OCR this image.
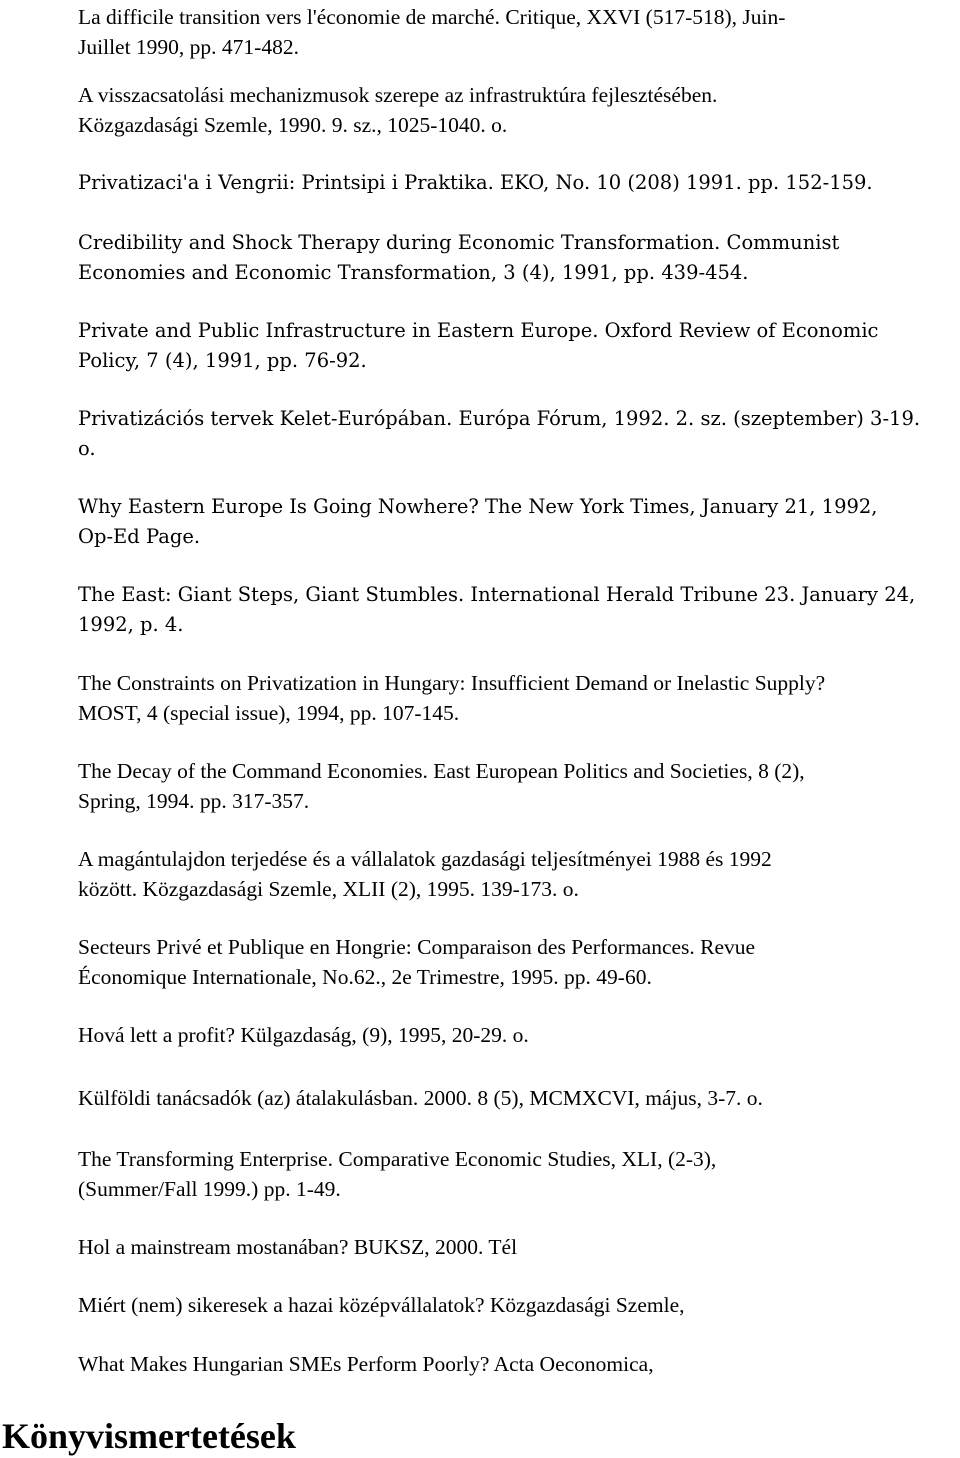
La difficile transition vers l'économie de marché. Critique, XXVI (517-518), Juin-

Juillet 1990, pp. 471-482.

A visszacsatolási mechanizmusok szerepe az infrastruktúra fejlesztésében.

Közgazdasági Szemle, 1990. 9. sz., 1025-1040. o.

Privatizaci'a i Vengrii: Printsipi i Praktika. EKO, No. 10 (208) 1991. pp. 152-159.

Credibility and Shock Therapy during Economic Transformation. Communist

Economies and Economic Transformation, 3 (4), 1991, pp. 439-454.

Private and Public Infrastructure in Eastern Europe. Oxford Review of Economic

Policy, 7 (4), 1991, pp. 76-92.

Privatizációs tervek Kelet-Európában. Európa Fórum, 1992. 2. sz. (szeptember) 3-19.

o.

Why Eastern Europe Is Going Nowhere? The New York Times, January 21, 1992,

Op-Ed Page.

The East: Giant Steps, Giant Stumbles. International Herald Tribune 23. January 24,

1992, p. 4.

The Constraints on Privatization in Hungary: Insufficient Demand or Inelastic Supply?

MOST, 4 (special issue), 1994, pp. 107-145.

The Decay of the Command Economies. East European Politics and Societies, 8 (2),

Spring, 1994. pp. 317-357.

A magántulajdon terjedése és a vállalatok gazdasági teljesítményei 1988 és 1992

között. Közgazdasági Szemle, XLII (2), 1995. 139-173. o.

Secteurs Privé et Publique en Hongrie: Comparaison des Performances. Revue

Économique Internationale, No.62., 2e Trimestre, 1995. pp. 49-60.

Hová lett a profit? Külgazdaság, (9), 1995, 20-29. o.

Külföldi tanácsadók (az) átalakulásban. 2000. 8 (5), MCMXCVI, május, 3-7. o.

The Transforming Enterprise. Comparative Economic Studies, XLI, (2-3),

(Summer/Fall 1999.) pp. 1-49.

Hol a mainstream mostanában? BUKSZ, 2000. Tél

Miért (nem) sikeresek a hazai középvállalatok? Közgazdasági Szemle,

What Makes Hungarian SMEs Perform Poorly? Acta Oeconomica,

Könyvismertetések
